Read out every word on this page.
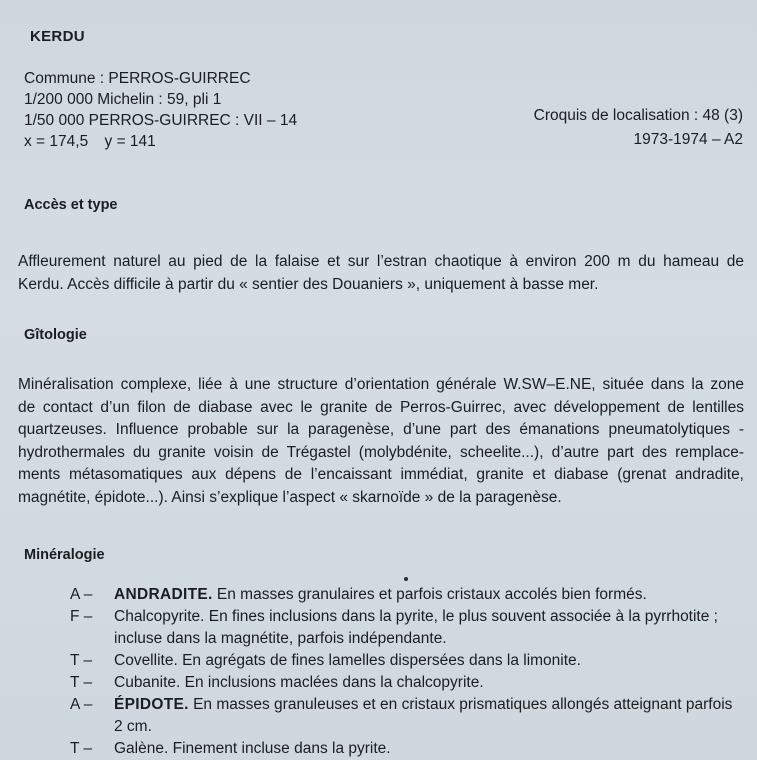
KERDU
Commune : PERROS-GUIRREC
1/200 000 Michelin : 59, pli 1
1/50 000 PERROS-GUIRREC : VII – 14
x = 174,5 y = 141
Croquis de localisation : 48 (3)
1973-1974 – A2
Accès et type
Affleurement naturel au pied de la falaise et sur l’estran chaotique à environ 200 m du hameau de
Kerdu. Accès difficile à partir du « sentier des Douaniers », uniquement à basse mer.
Gîtologie
Minéralisation complexe, liée à une structure d’orientation générale W.SW–E.NE, située dans la zone
de contact d’un filon de diabase avec le granite de Perros-Guirrec, avec développement de lentilles
quartzeuses. Influence probable sur la paragenèse, d’une part des émanations pneumatolytiques -
hydrothermales du granite voisin de Trégastel (molybdénite, scheelite...), d’autre part des remplace-
ments métasomatiques aux dépens de l’encaissant immédiat, granite et diabase (grenat andradite,
magnétite, épidote...). Ainsi s’explique l’aspect « skarnoïde » de la paragenèse.
Minéralogie
A –	ANDRADITE. En masses granulaires et parfois cristaux accolés bien formés.
F –	Chalcopyrite. En fines inclusions dans la pyrite, le plus souvent associée à la pyrrhotite ;
incluse dans la magnétite, parfois indépendante.
T –	Covellite. En agrégats de fines lamelles dispersées dans la limonite.
T –	Cubanite. En inclusions maclées dans la chalcopyrite.
A –	ÉPIDOTE. En masses granuleuses et en cristaux prismatiques allongés atteignant parfois
2 cm.
T –	Galène. Finement incluse dans la pyrite.
